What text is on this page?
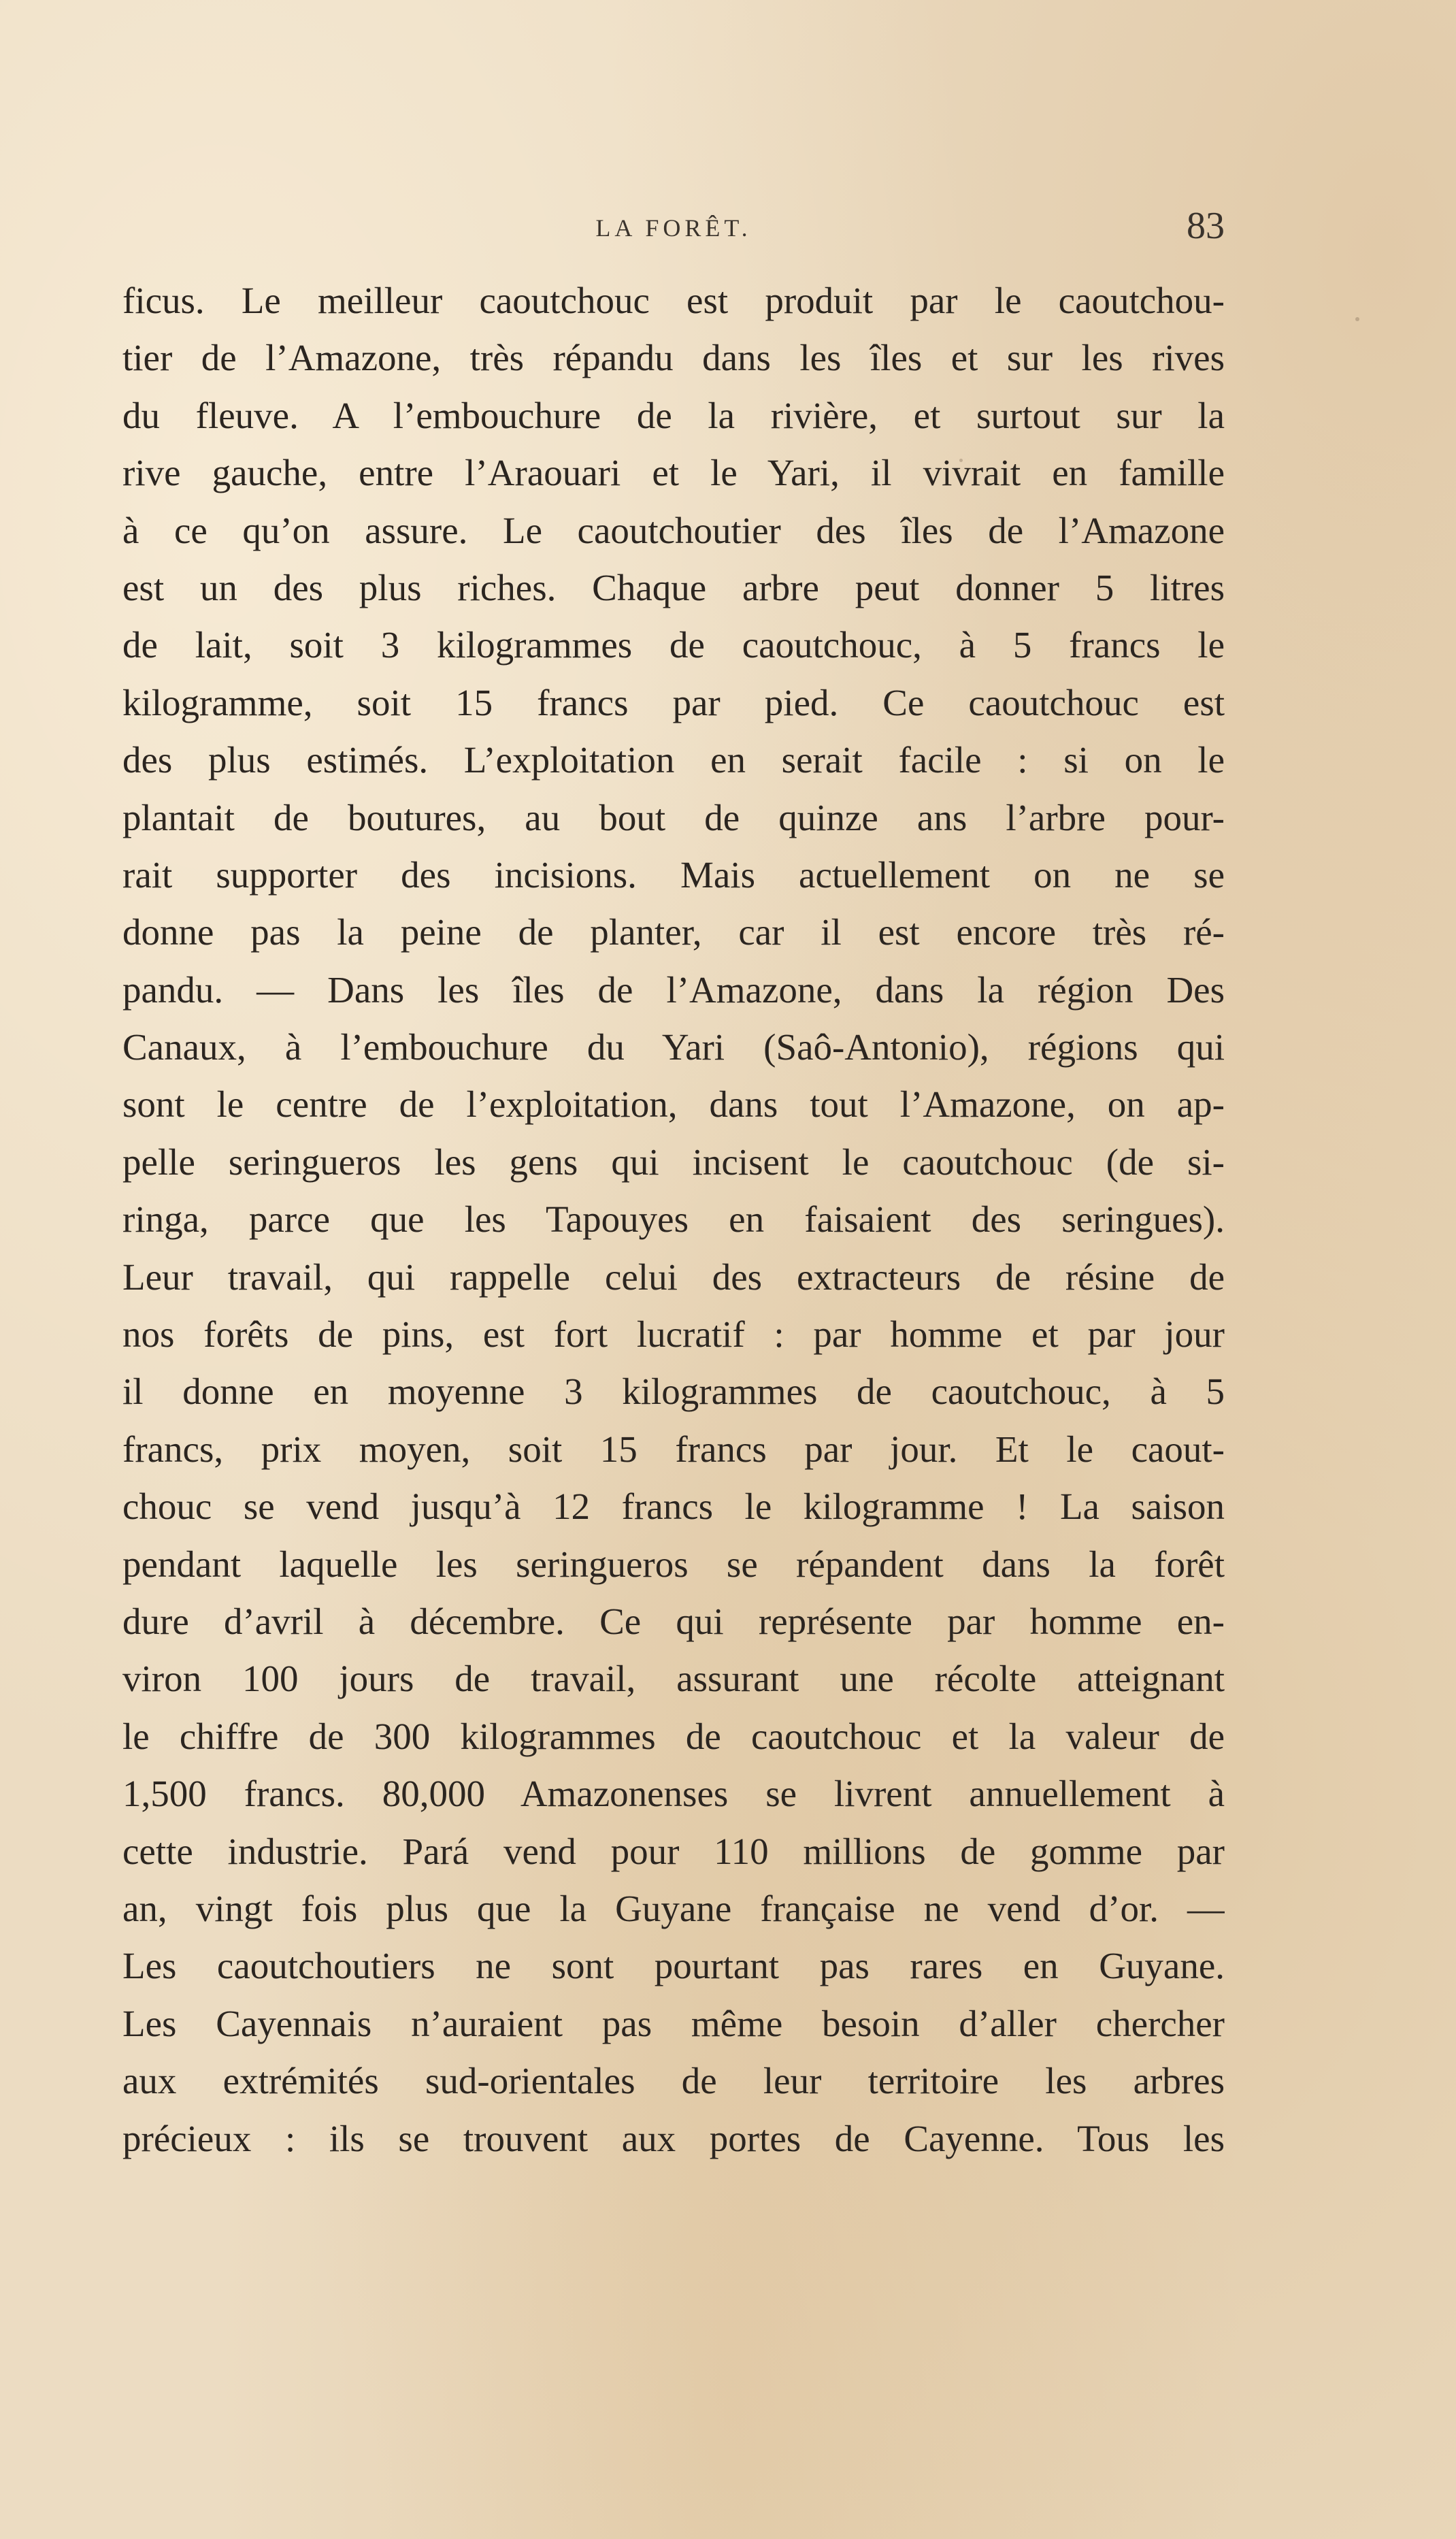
LA FORÊT.	83
ficus. Le meilleur caoutchouc est produit par le caoutchou-
tier de l’Amazone, très répandu dans les îles et sur les rives
du fleuve. A l’embouchure de la rivière, et surtout sur la
rive gauche, entre l’Araouari et le Yari, il vivrait en famille
à ce qu’on assure. Le caoutchoutier des îles de l’Amazone
est un des plus riches. Chaque arbre peut donner 5 litres
de lait, soit 3 kilogrammes de caoutchouc, à 5 francs le
kilogramme, soit 15 francs par pied. Ce caoutchouc est
des plus estimés. L’exploitation en serait facile : si on le
plantait de boutures, au bout de quinze ans l’arbre pour-
rait supporter des incisions. Mais actuellement on ne se
donne pas la peine de planter, car il est encore très ré-
pandu. — Dans les îles de l’Amazone, dans la région Des
Canaux, à l’embouchure du Yari (Saô-Antonio), régions qui
sont le centre de l’exploitation, dans tout l’Amazone, on ap-
pelle seringueros les gens qui incisent le caoutchouc (de si-
ringa, parce que les Tapouyes en faisaient des seringues).
Leur travail, qui rappelle celui des extracteurs de résine de
nos forêts de pins, est fort lucratif : par homme et par jour
il donne en moyenne 3 kilogrammes de caoutchouc, à 5
francs, prix moyen, soit 15 francs par jour. Et le caout-
chouc se vend jusqu’à 12 francs le kilogramme ! La saison
pendant laquelle les seringueros se répandent dans la forêt
dure d’avril à décembre. Ce qui représente par homme en-
viron 100 jours de travail, assurant une récolte atteignant
le chiffre de 300 kilogrammes de caoutchouc et la valeur de
1,500 francs. 80,000 Amazonenses se livrent annuellement à
cette industrie. Pará vend pour 110 millions de gomme par
an, vingt fois plus que la Guyane française ne vend d’or. —
Les caoutchoutiers ne sont pourtant pas rares en Guyane.
Les Cayennais n’auraient pas même besoin d’aller chercher
aux extrémités sud-orientales de leur territoire les arbres
précieux : ils se trouvent aux portes de Cayenne. Tous les
